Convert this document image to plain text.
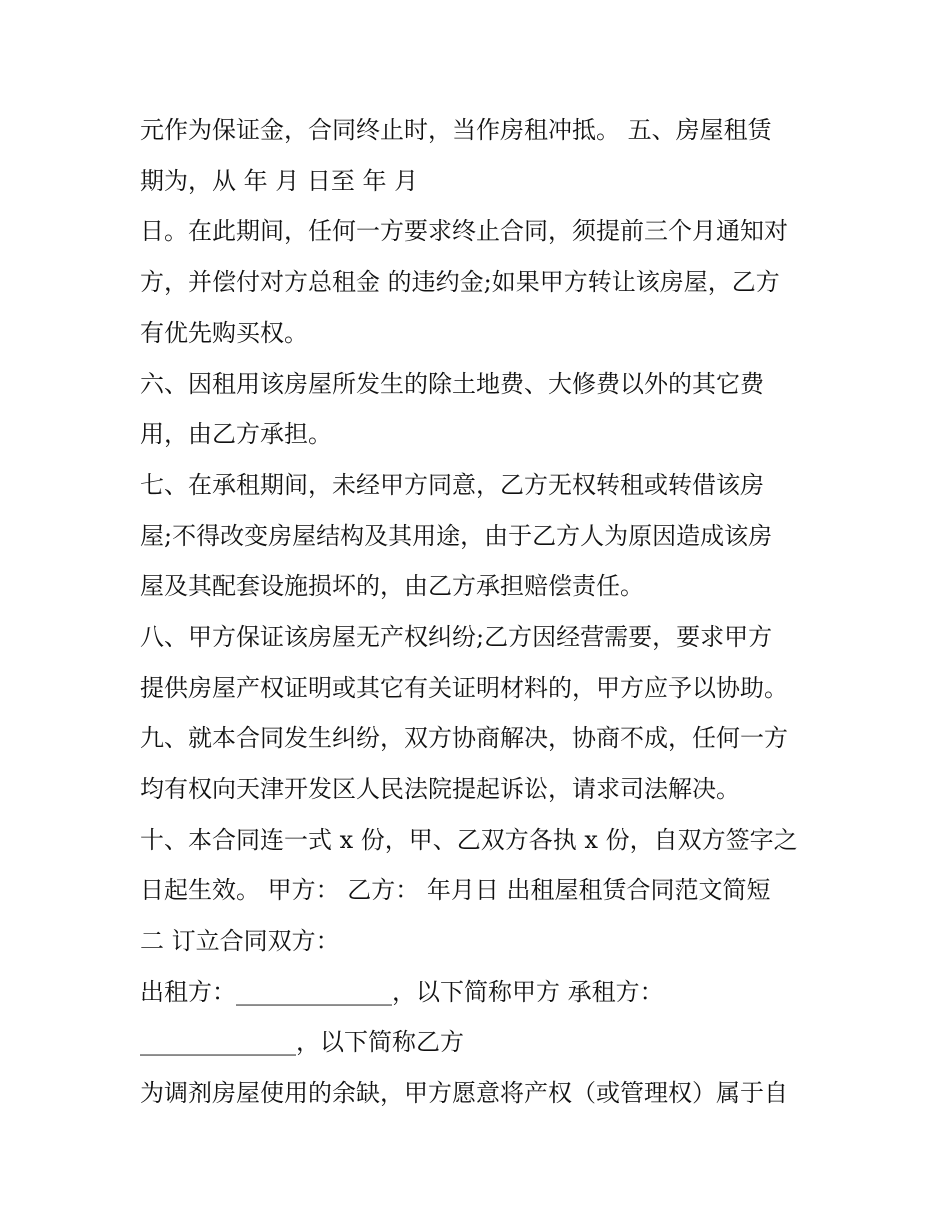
元作为保证金，合同终止时，当作房租冲抵。 五、房屋租赁
期为，从 年 月 日至 年 月
日。在此期间，任何一方要求终止合同，须提前三个月通知对
方，并偿付对方总租金 的违约金;如果甲方转让该房屋，乙方
有优先购买权。
六、因租用该房屋所发生的除土地费、大修费以外的其它费
用，由乙方承担。
七、在承租期间，未经甲方同意，乙方无权转租或转借该房
屋;不得改变房屋结构及其用途，由于乙方人为原因造成该房
屋及其配套设施损坏的，由乙方承担赔偿责任。
八、甲方保证该房屋无产权纠纷;乙方因经营需要，要求甲方
提供房屋产权证明或其它有关证明材料的，甲方应予以协助。
九、就本合同发生纠纷，双方协商解决，协商不成，任何一方
均有权向天津开发区人民法院提起诉讼，请求司法解决。
十、本合同连一式 x 份，甲、乙双方各执 x 份，自双方签字之
日起生效。 甲方： 乙方： 年月日 出租屋租赁合同范文简短
二 订立合同双方：
出租方：_____________，以下简称甲方 承租方：
_____________，以下简称乙方
为调剂房屋使用的余缺，甲方愿意将产权（或管理权）属于自
